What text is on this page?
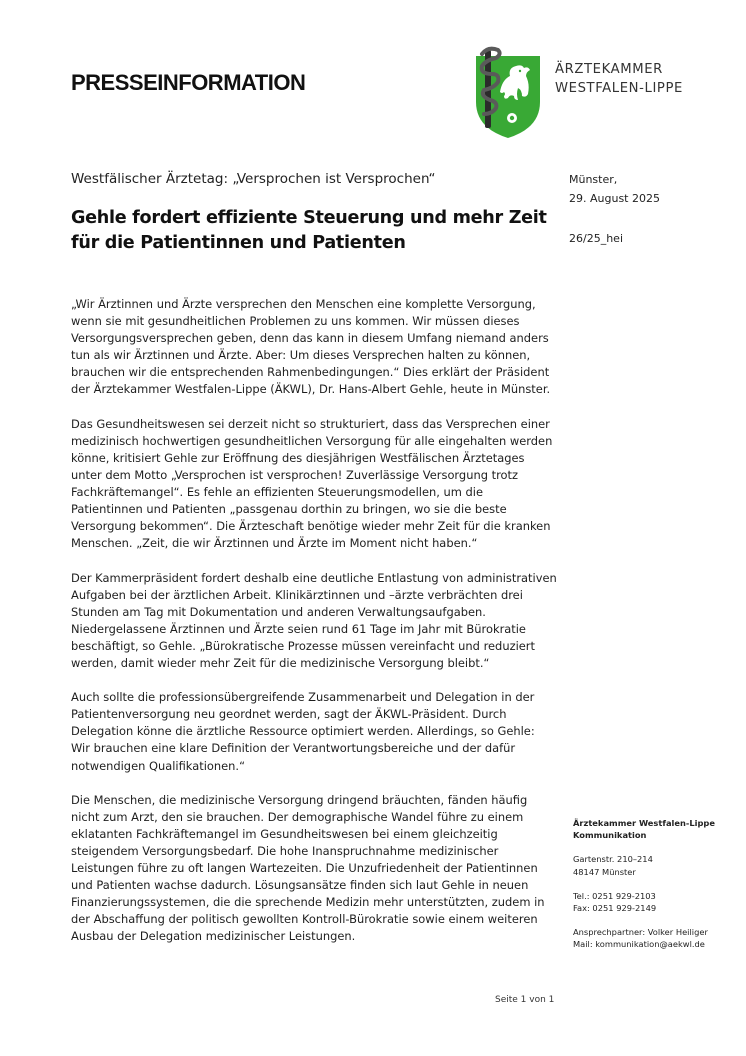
PRESSEINFORMATION
ÄRZTEKAMMER
WESTFALEN-LIPPE
Westfälischer Ärztetag: „Versprochen ist Versprochen“
Gehle fordert effiziente Steuerung und mehr Zeit für die Patientinnen und Patienten
Münster,
29. August 2025
26/25_hei

„Wir Ärztinnen und Ärzte versprechen den Menschen eine komplette Versorgung, wenn sie mit gesundheitlichen Problemen zu uns kommen. Wir müssen dieses Versorgungsversprechen geben, denn das kann in diesem Umfang niemand anders tun als wir Ärztinnen und Ärzte. Aber: Um dieses Versprechen halten zu können, brauchen wir die entsprechenden Rahmenbedingungen.“ Dies erklärt der Präsident der Ärztekammer Westfalen-Lippe (ÄKWL), Dr. Hans-Albert Gehle, heute in Münster.

Das Gesundheitswesen sei derzeit nicht so strukturiert, dass das Versprechen einer medizinisch hochwertigen gesundheitlichen Versorgung für alle eingehalten werden könne, kritisiert Gehle zur Eröffnung des diesjährigen Westfälischen Ärztetages unter dem Motto „Versprochen ist versprochen! Zuverlässige Versorgung trotz Fachkräftemangel“. Es fehle an effizienten Steuerungsmodellen, um die Patientinnen und Patienten „passgenau dorthin zu bringen, wo sie die beste Versorgung bekommen“. Die Ärzteschaft benötige wieder mehr Zeit für die kranken Menschen. „Zeit, die wir Ärztinnen und Ärzte im Moment nicht haben.“

Der Kammerpräsident fordert deshalb eine deutliche Entlastung von administrativen Aufgaben bei der ärztlichen Arbeit. Klinikärztinnen und –ärzte verbrächten drei Stunden am Tag mit Dokumentation und anderen Verwaltungsaufgaben. Niedergelassene Ärztinnen und Ärzte seien rund 61 Tage im Jahr mit Bürokratie beschäftigt, so Gehle. „Bürokratische Prozesse müssen vereinfacht und reduziert werden, damit wieder mehr Zeit für die medizinische Versorgung bleibt.“

Auch sollte die professionsübergreifende Zusammenarbeit und Delegation in der Patientenversorgung neu geordnet werden, sagt der ÄKWL-Präsident. Durch Delegation könne die ärztliche Ressource optimiert werden. Allerdings, so Gehle: Wir brauchen eine klare Definition der Verantwortungsbereiche und der dafür notwendigen Qualifikationen.“

Die Menschen, die medizinische Versorgung dringend bräuchten, fänden häufig nicht zum Arzt, den sie brauchen. Der demographische Wandel führe zu einem eklatanten Fachkräftemangel im Gesundheitswesen bei einem gleichzeitig steigendem Versorgungsbedarf. Die hohe Inanspruchnahme medizinischer Leistungen führe zu oft langen Wartezeiten. Die Unzufriedenheit der Patientinnen und Patienten wachse dadurch. Lösungsansätze finden sich laut Gehle in neuen Finanzierungssystemen, die die sprechende Medizin mehr unterstützten, zudem in der Abschaffung der politisch gewollten Kontroll-Bürokratie sowie einem weiteren Ausbau der Delegation medizinischer Leistungen.

Ärztekammer Westfalen-Lippe
Kommunikation
Gartenstr. 210–214
48147 Münster
Tel.: 0251 929-2103
Fax: 0251 929-2149
Ansprechpartner: Volker Heiliger
Mail: kommunikation@aekwl.de
Seite 1 von 1
